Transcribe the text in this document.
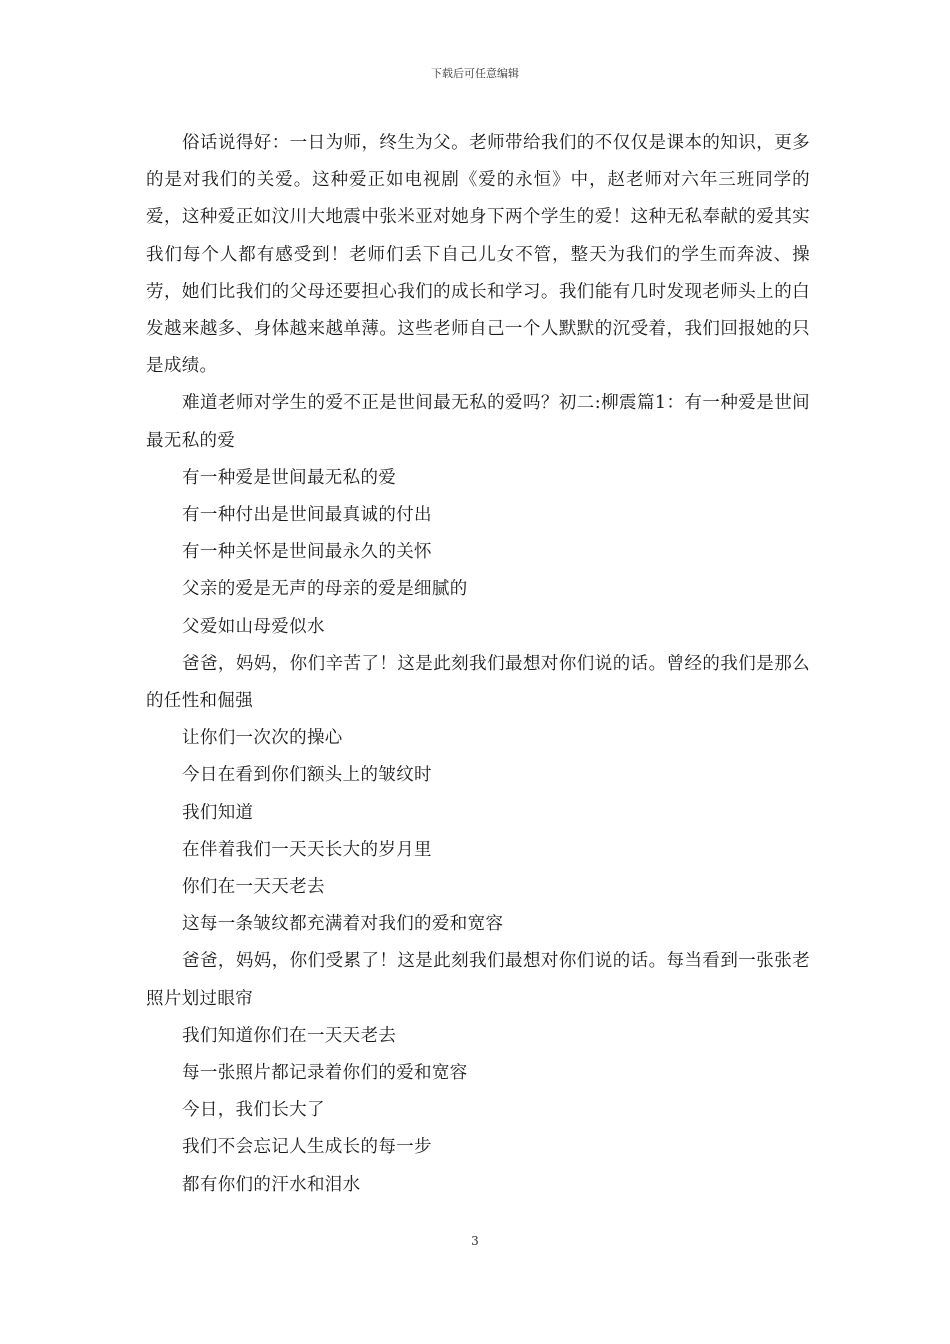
下载后可任意编辑

俗话说得好：一日为师，终生为父。老师带给我们的不仅仅是课本的知识，更多的是对我们的关爱。这种爱正如电视剧《爱的永恒》中，赵老师对六年三班同学的爱，这种爱正如汶川大地震中张米亚对她身下两个学生的爱！这种无私奉献的爱其实我们每个人都有感受到！老师们丢下自己儿女不管，整天为我们的学生而奔波、操劳，她们比我们的父母还要担心我们的成长和学习。我们能有几时发现老师头上的白发越来越多、身体越来越单薄。这些老师自己一个人默默的沉受着，我们回报她的只是成绩。

难道老师对学生的爱不正是世间最无私的爱吗？初二:柳震篇1：有一种爱是世间最无私的爱

有一种爱是世间最无私的爱

有一种付出是世间最真诚的付出

有一种关怀是世间最永久的关怀

父亲的爱是无声的母亲的爱是细腻的

父爱如山母爱似水

爸爸，妈妈，你们辛苦了！这是此刻我们最想对你们说的话。曾经的我们是那么的任性和倔强

让你们一次次的操心

今日在看到你们额头上的皱纹时

我们知道

在伴着我们一天天长大的岁月里

你们在一天天老去

这每一条皱纹都充满着对我们的爱和宽容

爸爸，妈妈，你们受累了！这是此刻我们最想对你们说的话。每当看到一张张老照片划过眼帘

我们知道你们在一天天老去

每一张照片都记录着你们的爱和宽容

今日，我们长大了

我们不会忘记人生成长的每一步

都有你们的汗水和泪水

3
